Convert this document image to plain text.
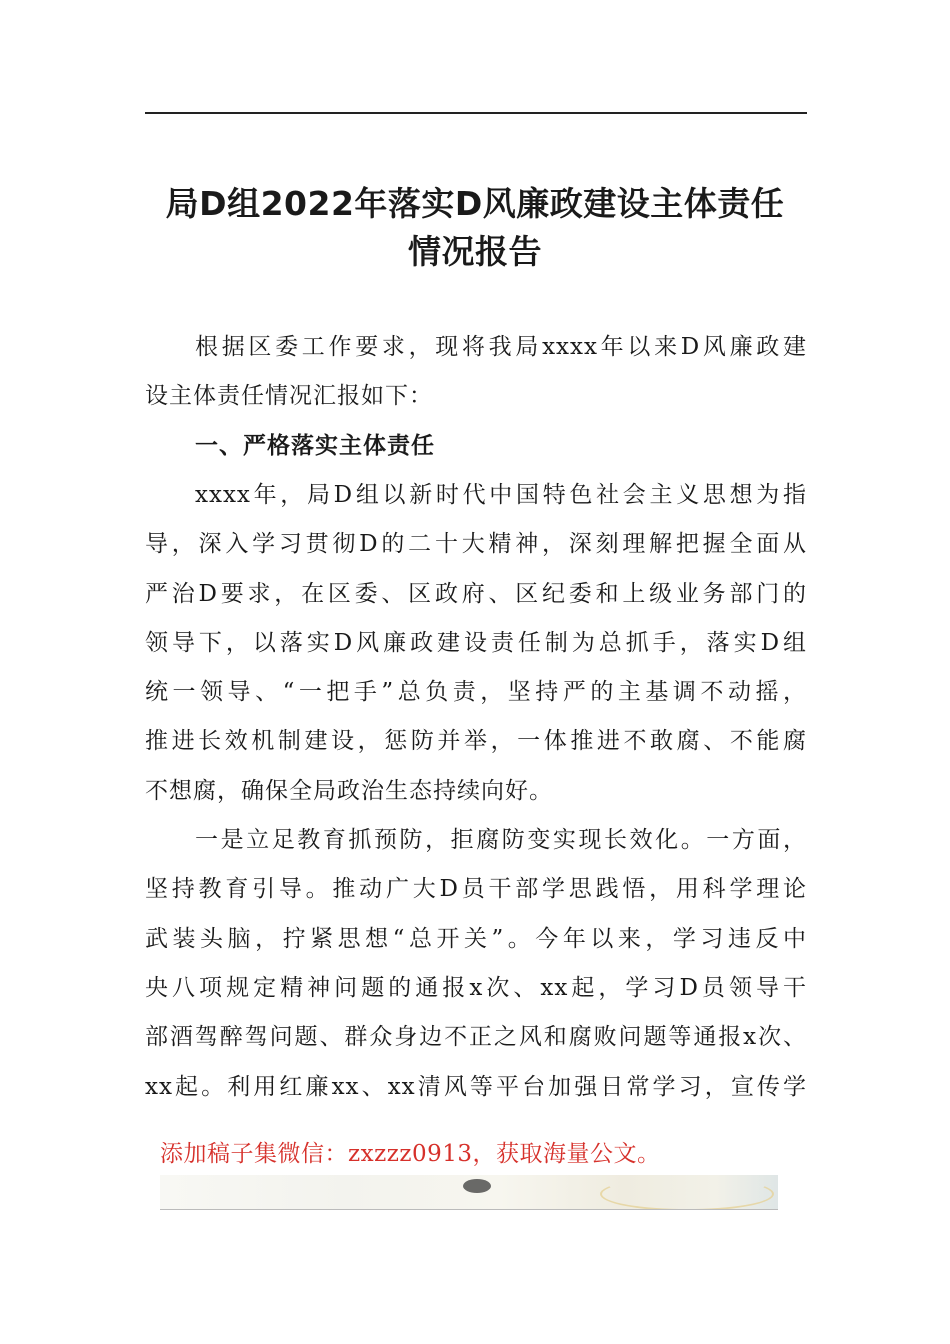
局D组2022年落实D风廉政建设主体责任
情况报告
根据区委工作要求，现将我局xxxx年以来D风廉政建
设主体责任情况汇报如下：
一、严格落实主体责任
xxxx年，局D组以新时代中国特色社会主义思想为指
导，深入学习贯彻D的二十大精神，深刻理解把握全面从
严治D要求，在区委、区政府、区纪委和上级业务部门的
领导下，以落实D风廉政建设责任制为总抓手，落实D组
统一领导、“一把手”总负责，坚持严的主基调不动摇，
推进长效机制建设，惩防并举，一体推进不敢腐、不能腐
不想腐，确保全局政治生态持续向好。
一是立足教育抓预防，拒腐防变实现长效化。一方面，
坚持教育引导。推动广大D员干部学思践悟，用科学理论
武装头脑，拧紧思想“总开关”。今年以来，学习违反中
央八项规定精神问题的通报x次、xx起，学习D员领导干
部酒驾醉驾问题、群众身边不正之风和腐败问题等通报x次、
xx起。利用红廉xx、xx清风等平台加强日常学习，宣传学
添加稿子集微信：zxzzz0913，获取海量公文。
